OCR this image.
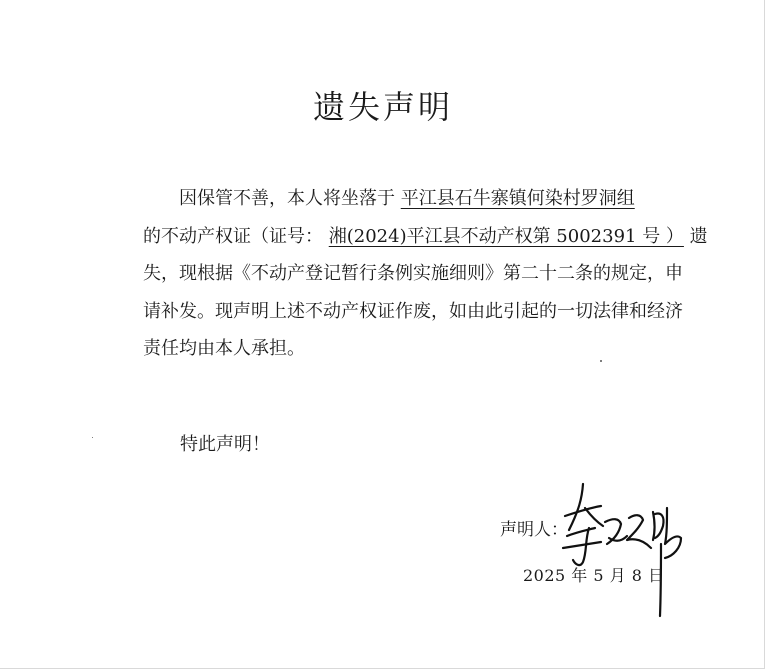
遗失声明
因保管不善，本人将坐落于 平江县石牛寨镇何染村罗洞组
的不动产权证（证号： 湘(2024)平江县不动产权第 5002391 号 ） 遗
失，现根据《不动产登记暂行条例实施细则》第二十二条的规定，申
请补发。现声明上述不动产权证作废，如由此引起的一切法律和经济
责任均由本人承担。
特此声明！
声明人：
2025 年 5 月 8 日
